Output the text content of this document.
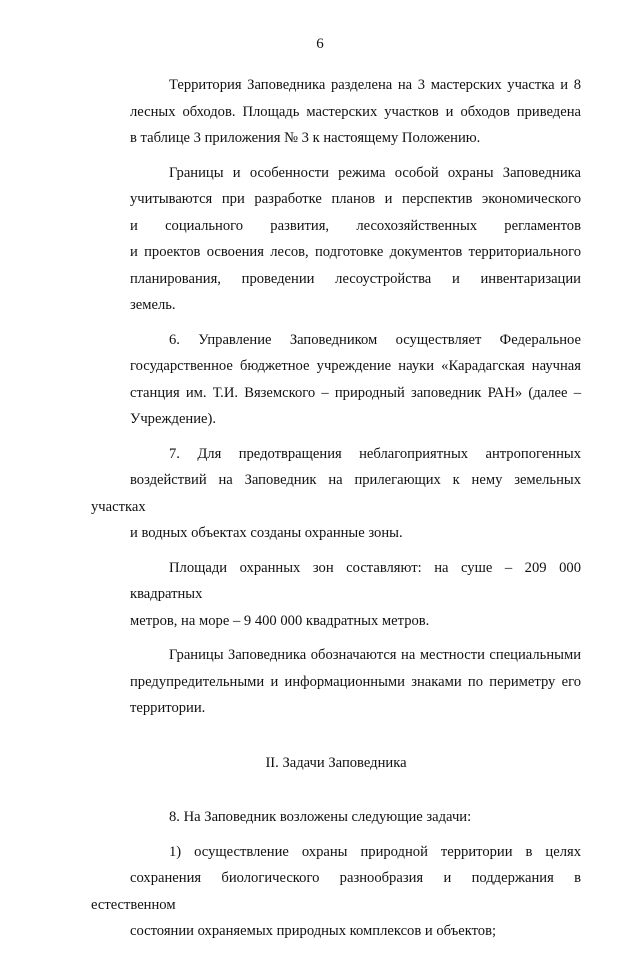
6
Территория Заповедника разделена на 3 мастерских участка и 8
лесных обходов. Площадь мастерских участков и обходов приведена
в таблице 3 приложения № 3 к настоящему Положению.
Границы и особенности режима особой охраны Заповедника
учитываются при разработке планов и перспектив экономического
и социального развития, лесохозяйственных регламентов
и проектов освоения лесов, подготовке документов территориального
планирования, проведении лесоустройства и инвентаризации
земель.
6. Управление Заповедником осуществляет Федеральное
государственное бюджетное учреждение науки «Карадагская научная
станция им. Т.И. Вяземского – природный заповедник РАН» (далее –
Учреждение).
7. Для предотвращения неблагоприятных антропогенных
воздействий на Заповедник на прилегающих к нему земельных участках
и водных объектах созданы охранные зоны.
Площади охранных зон составляют: на суше – 209 000 квадратных
метров, на море – 9 400 000 квадратных метров.
Границы Заповедника обозначаются на местности специальными
предупредительными и информационными знаками по периметру его
территории.
II. Задачи Заповедника
8. На Заповедник возложены следующие задачи:
1) осуществление охраны природной территории в целях
сохранения биологического разнообразия и поддержания в естественном
состоянии охраняемых природных комплексов и объектов;
